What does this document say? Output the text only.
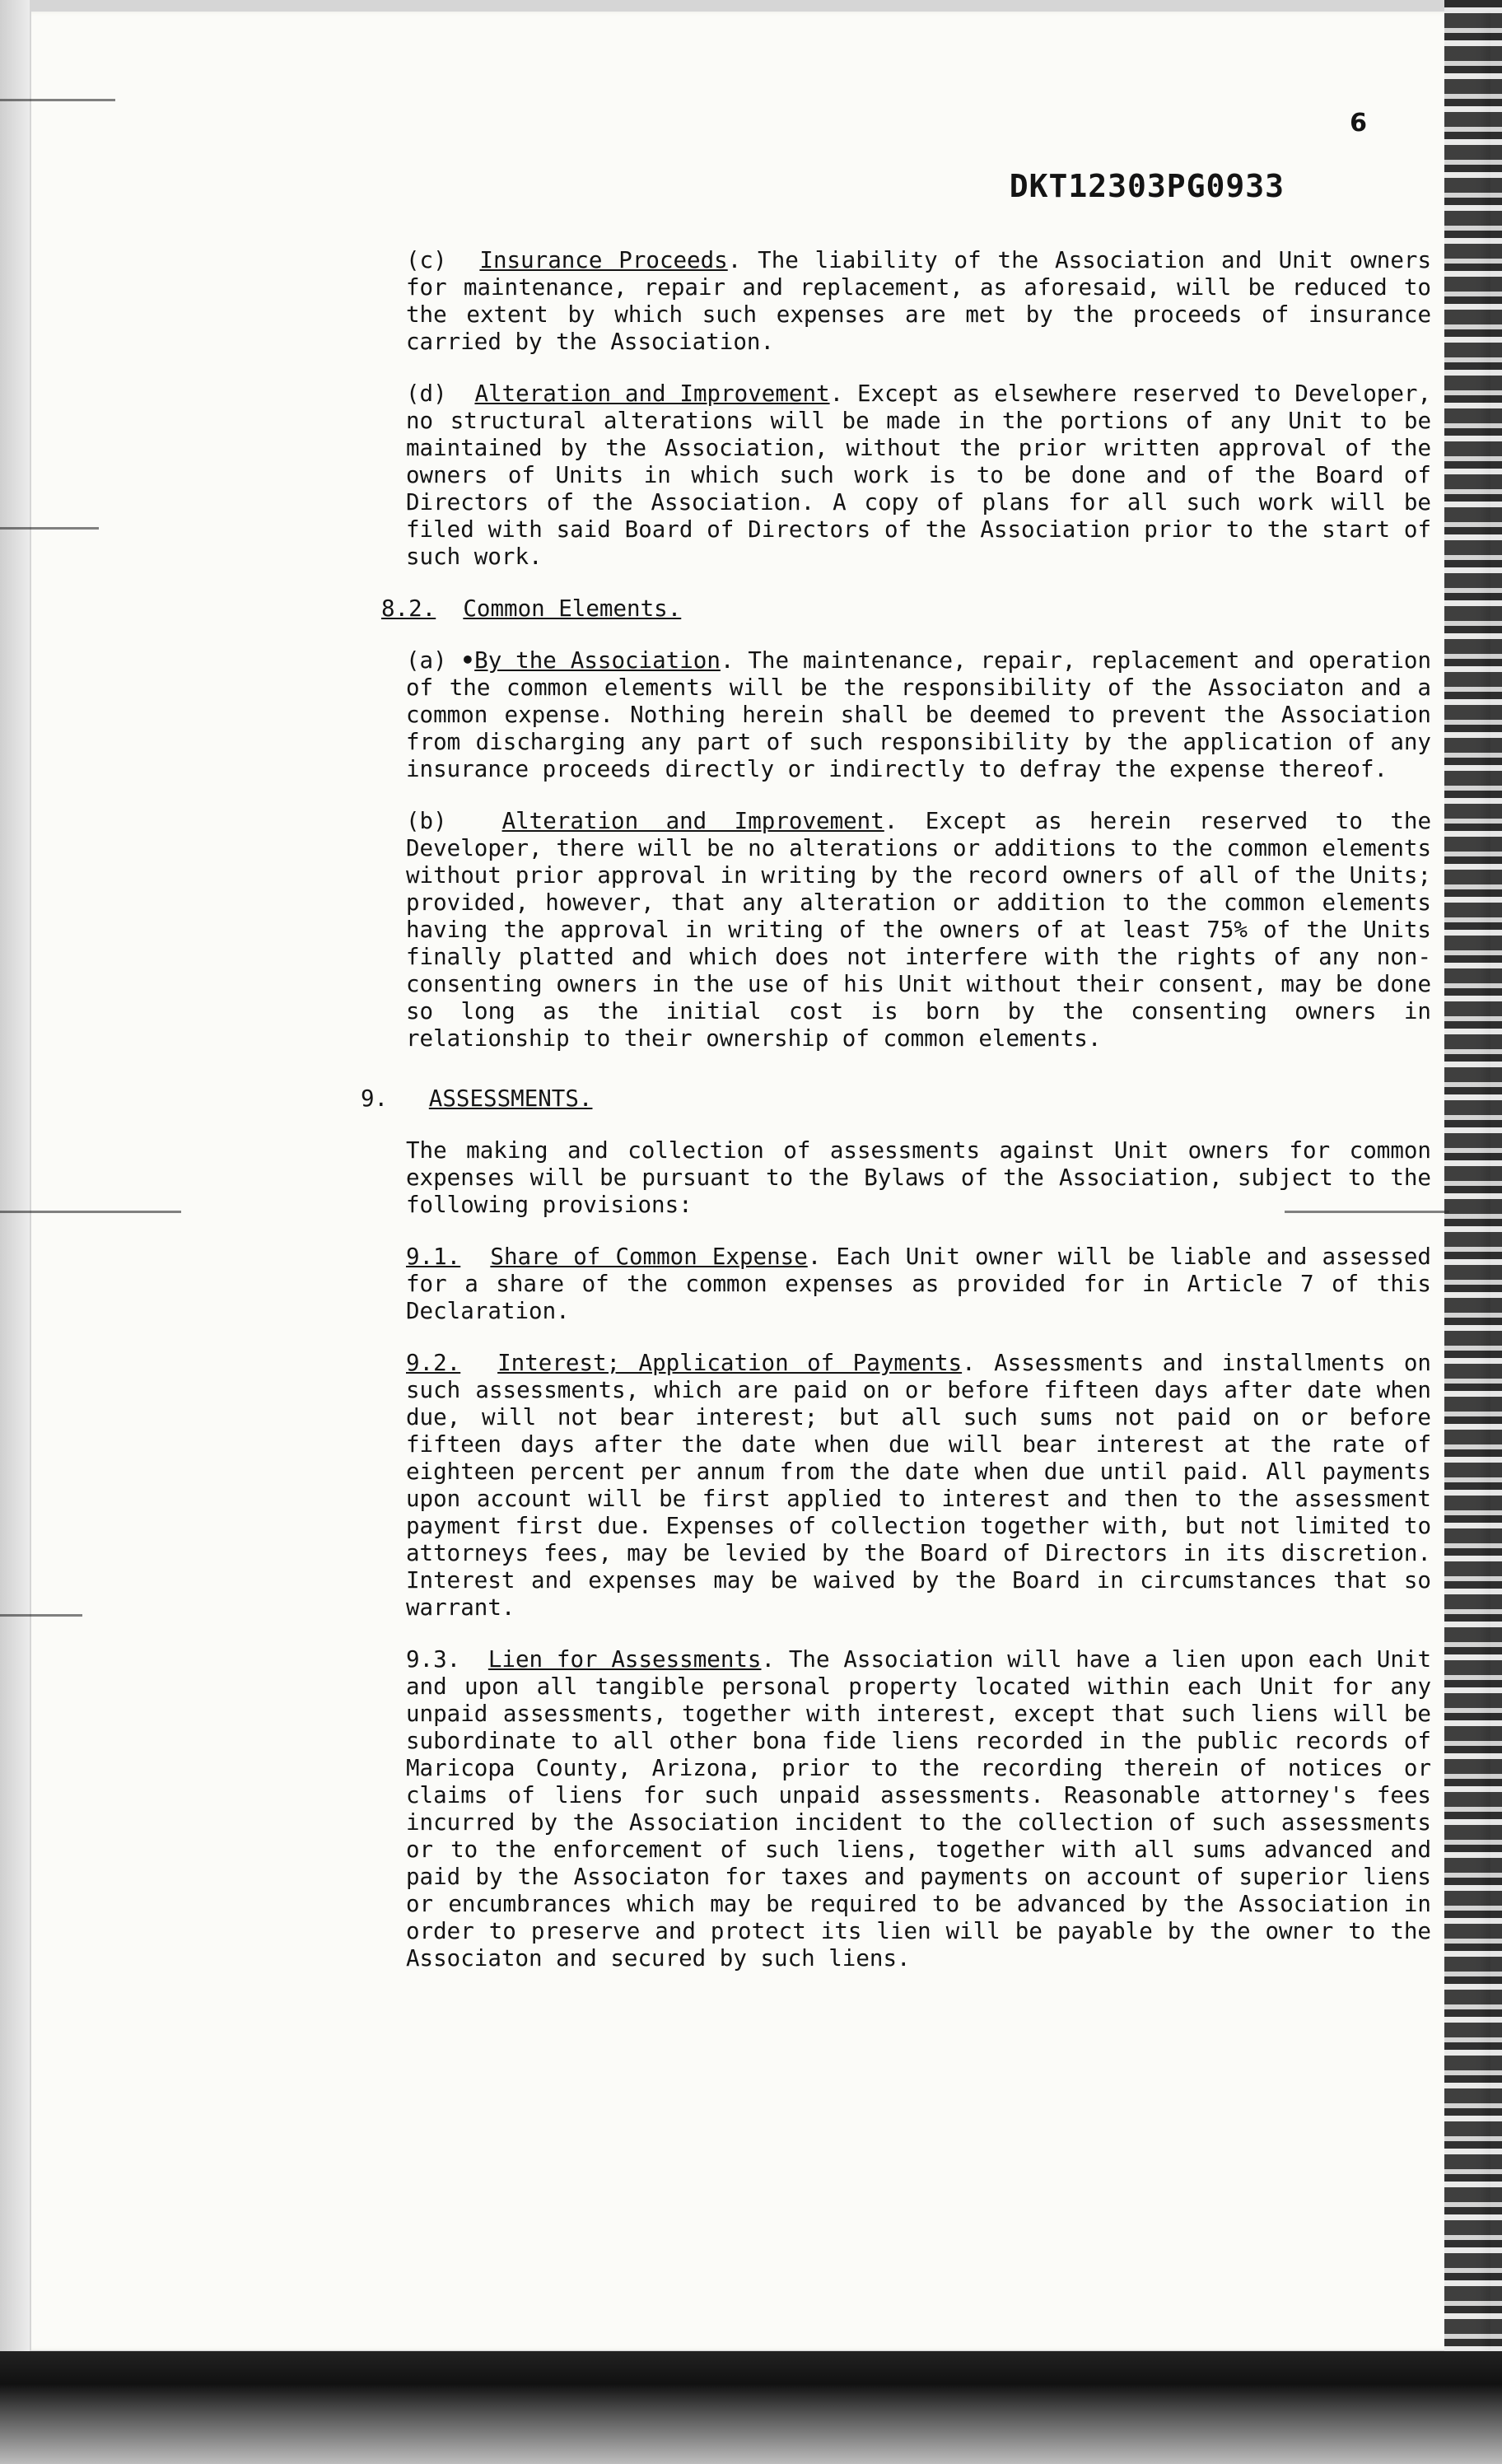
6
DKT12303PG0933

(c) Insurance Proceeds. The liability of the Association and Unit owners for maintenance, repair and replacement, as aforesaid, will be reduced to the extent by which such expenses are met by the proceeds of insurance carried by the Association.

(d) Alteration and Improvement. Except as elsewhere reserved to Developer, no structural alterations will be made in the portions of any Unit to be maintained by the Association, without the prior written approval of the owners of Units in which such work is to be done and of the Board of Directors of the Association. A copy of plans for all such work will be filed with said Board of Directors of the Association prior to the start of such work.

8.2. Common Elements.

(a) •By the Association. The maintenance, repair, replacement and operation of the common elements will be the responsibility of the Associaton and a common expense. Nothing herein shall be deemed to prevent the Association from discharging any part of such responsibility by the application of any insurance proceeds directly or indirectly to defray the expense thereof.

(b) Alteration and Improvement. Except as herein reserved to the Developer, there will be no alterations or additions to the common elements without prior approval in writing by the record owners of all of the Units; provided, however, that any alteration or addition to the common elements having the approval in writing of the owners of at least 75% of the Units finally platted and which does not interfere with the rights of any non-consenting owners in the use of his Unit without their consent, may be done so long as the initial cost is born by the consenting owners in relationship to their ownership of common elements.

9. ASSESSMENTS.

The making and collection of assessments against Unit owners for common expenses will be pursuant to the Bylaws of the Association, subject to the following provisions:

9.1. Share of Common Expense. Each Unit owner will be liable and assessed for a share of the common expenses as provided for in Article 7 of this Declaration.

9.2. Interest; Application of Payments. Assessments and installments on such assessments, which are paid on or before fifteen days after date when due, will not bear interest; but all such sums not paid on or before fifteen days after the date when due will bear interest at the rate of eighteen percent per annum from the date when due until paid. All payments upon account will be first applied to interest and then to the assessment payment first due. Expenses of collection together with, but not limited to attorneys fees, may be levied by the Board of Directors in its discretion. Interest and expenses may be waived by the Board in circumstances that so warrant.

9.3. Lien for Assessments. The Association will have a lien upon each Unit and upon all tangible personal property located within each Unit for any unpaid assessments, together with interest, except that such liens will be subordinate to all other bona fide liens recorded in the public records of Maricopa County, Arizona, prior to the recording therein of notices or claims of liens for such unpaid assessments. Reasonable attorney's fees incurred by the Association incident to the collection of such assessments or to the enforcement of such liens, together with all sums advanced and paid by the Associaton for taxes and payments on account of superior liens or encumbrances which may be required to be advanced by the Association in order to preserve and protect its lien will be payable by the owner to the Associaton and secured by such liens.
